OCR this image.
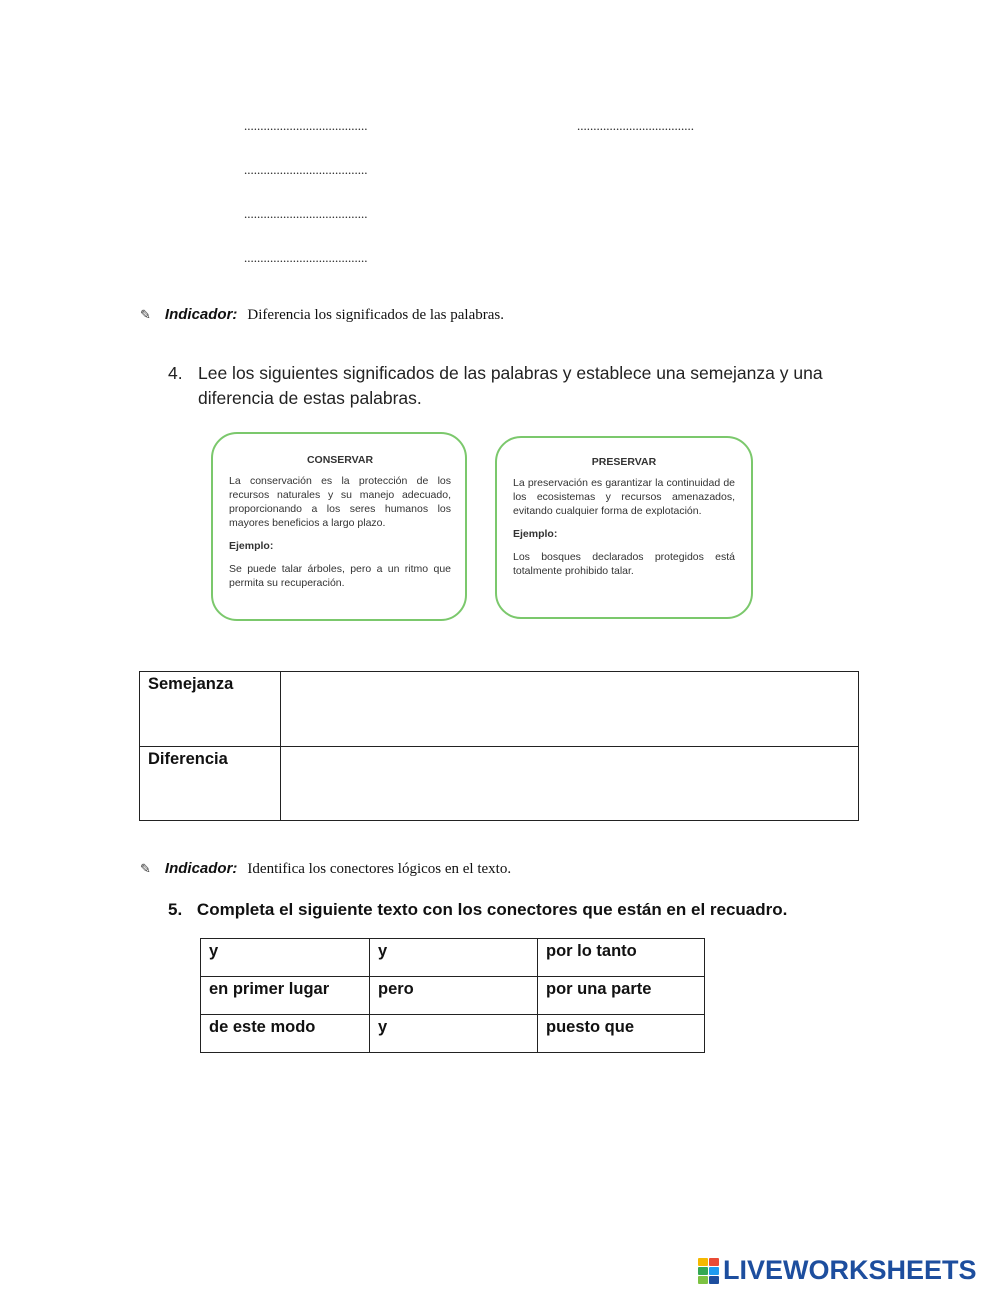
......................................	....................................
......................................
......................................
......................................
✎ Indicador: Diferencia los significados de las palabras.
4. Lee los siguientes significados de las palabras y establece una semejanza y una diferencia de estas palabras.
CONSERVAR

La conservación es la protección de los recursos naturales y su manejo adecuado, proporcionando a los seres humanos los mayores beneficios a largo plazo.

Ejemplo:

Se puede talar árboles, pero a un ritmo que permita su recuperación.

PRESERVAR

La preservación es garantizar la continuidad de los ecosistemas y recursos amenazados, evitando cualquier forma de explotación.

Ejemplo:

Los bosques declarados protegidos está totalmente prohibido talar.

Semejanza	
Diferencia	
✎ Indicador: Identifica los conectores lógicos en el texto.
5. Completa el siguiente texto con los conectores que están en el recuadro.
y	y	por lo tanto
en primer lugar	pero	por una parte
de este modo	y	puesto que
LIVEWORKSHEETS
